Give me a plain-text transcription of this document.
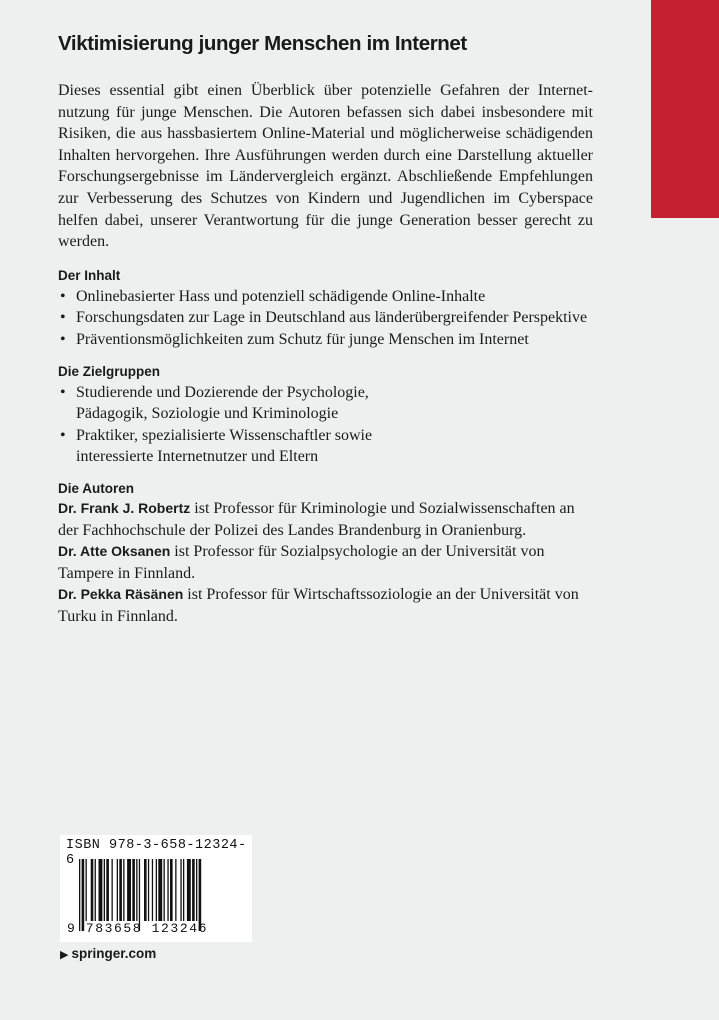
Viktimisierung junger Menschen im Internet

Dieses essential gibt einen Überblick über potenzielle Gefahren der Internetnutzung für junge Menschen. Die Autoren befassen sich dabei insbesondere mit Risiken, die aus hassbasiertem Online-Material und möglicherweise schädigenden Inhalten hervorgehen. Ihre Ausführungen werden durch eine Darstellung aktueller Forschungsergebnisse im Ländervergleich ergänzt. Abschließende Empfehlungen zur Verbesserung des Schutzes von Kindern und Jugendlichen im Cyberspace helfen dabei, unserer Verantwortung für die junge Generation besser gerecht zu werden.

Der Inhalt

• Onlinebasierter Hass und potenziell schädigende Online-Inhalte
• Forschungsdaten zur Lage in Deutschland aus länderübergreifender Perspektive
• Präventionsmöglichkeiten zum Schutz für junge Menschen im Internet

Die Zielgruppen

• Studierende und Dozierende der Psychologie, Pädagogik, Soziologie und Kriminologie
• Praktiker, spezialisierte Wissenschaftler sowie interessierte Internetnutzer und Eltern

Die Autoren

Dr. Frank J. Robertz ist Professor für Kriminologie und Sozialwissenschaften an der Fachhochschule der Polizei des Landes Brandenburg in Oranienburg.

Dr. Atte Oksanen ist Professor für Sozialpsychologie an der Universität von Tampere in Finnland.

Dr. Pekka Räsänen ist Professor für Wirtschaftssoziologie an der Universität von Turku in Finnland.

ISBN 978-3-658-12324-6
9 783658 123246
▶ springer.com
